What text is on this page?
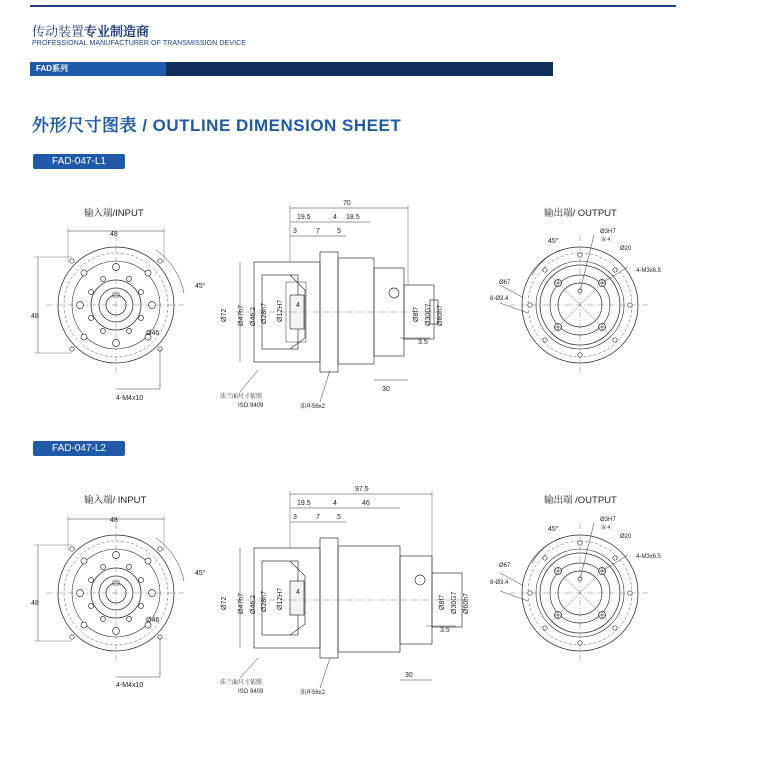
传动装置专业制造商
PROFESSIONAL MANUFACTURER OF TRANSMISSION DEVICE
FAD系列
外形尺寸图表 / OUTLINE DIMENSION SHEET
FAD-047-L1
输入端/INPUT	输出端/ OUTPUT
FAD-047-L2
输入端/ INPUT	输出端 /OUTPUT
48
48
45°
Ø46
4-M4x10
70
19.5	4 18.5
3	7 5
Ø72 Ø47h7 Ø46.2 Ø28h7 Ø12H7 4
Ø8f7 Ø30G7 Ø60h7
3.5
30
法兰面尺寸依照
ISO 9409	油环56x2
45°
Ø3H7
深 4
Ø20
4-M3x6.5
Ø67
8-Ø3.4
48
48
45°
Ø46
4-M4x10
97.5
19.5	4	46
3	7 5
Ø72 Ø47h7 Ø46.2 Ø28h7 Ø12H7 4
Ø8f7 Ø30G7 Ø60h7
3.5
30
法兰面尺寸依照
ISO 9409	油环56x2
45°
Ø3H7
深 4
Ø20
4-M3x6.5
Ø67
8-Ø3.4
